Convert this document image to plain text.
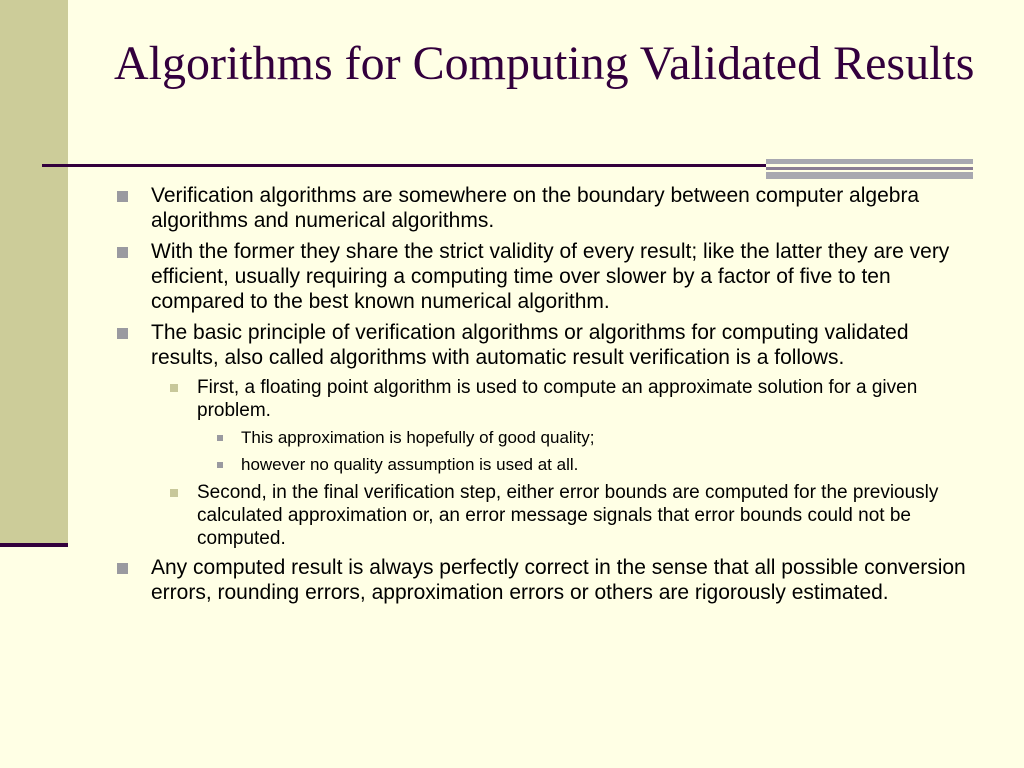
Algorithms for Computing Validated Results
Verification algorithms are somewhere on the boundary between computer algebra algorithms and numerical algorithms.
With the former they share the strict validity of every result; like the latter they are very efficient, usually requiring a computing time over slower by a factor of five to ten compared to the best known numerical algorithm.
The basic principle of verification algorithms or algorithms for computing validated results, also called algorithms with automatic result verification is a follows.
First, a floating point algorithm is used to compute an approximate solution for a given problem.
This approximation is hopefully of good quality;
however no quality assumption is used at all.
Second, in the final verification step, either error bounds are computed for the previously calculated approximation or, an error message signals that error bounds could not be computed.
Any computed result is always perfectly correct in the sense that all possible conversion errors, rounding errors, approximation errors or others are rigorously estimated.
